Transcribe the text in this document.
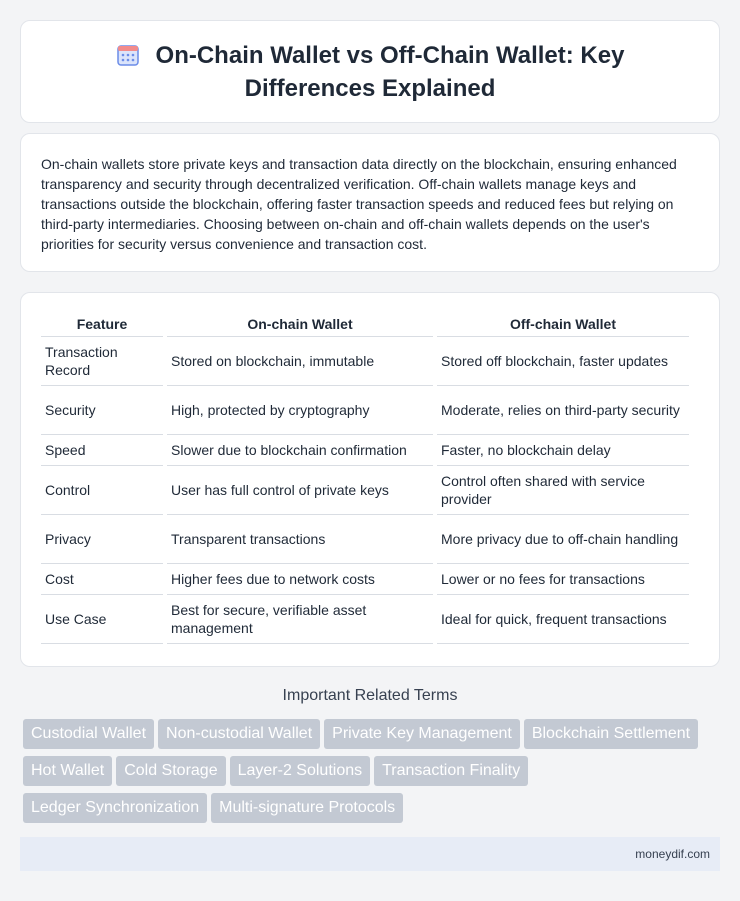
On-Chain Wallet vs Off-Chain Wallet: Key Differences Explained

On-chain wallets store private keys and transaction data directly on the blockchain, ensuring enhanced transparency and security through decentralized verification. Off-chain wallets manage keys and transactions outside the blockchain, offering faster transaction speeds and reduced fees but relying on third-party intermediaries. Choosing between on-chain and off-chain wallets depends on the user's priorities for security versus convenience and transaction cost.

Feature	On-chain Wallet	Off-chain Wallet
Transaction Record	Stored on blockchain, immutable	Stored off blockchain, faster updates
Security	High, protected by cryptography	Moderate, relies on third-party security
Speed	Slower due to blockchain confirmation	Faster, no blockchain delay
Control	User has full control of private keys	Control often shared with service provider
Privacy	Transparent transactions	More privacy due to off-chain handling
Cost	Higher fees due to network costs	Lower or no fees for transactions
Use Case	Best for secure, verifiable asset management	Ideal for quick, frequent transactions
Important Related Terms
Custodial Wallet Non-custodial Wallet Private Key Management Blockchain Settlement
Hot Wallet Cold Storage Layer-2 Solutions Transaction Finality
Ledger Synchronization Multi-signature Protocols
moneydif.com
